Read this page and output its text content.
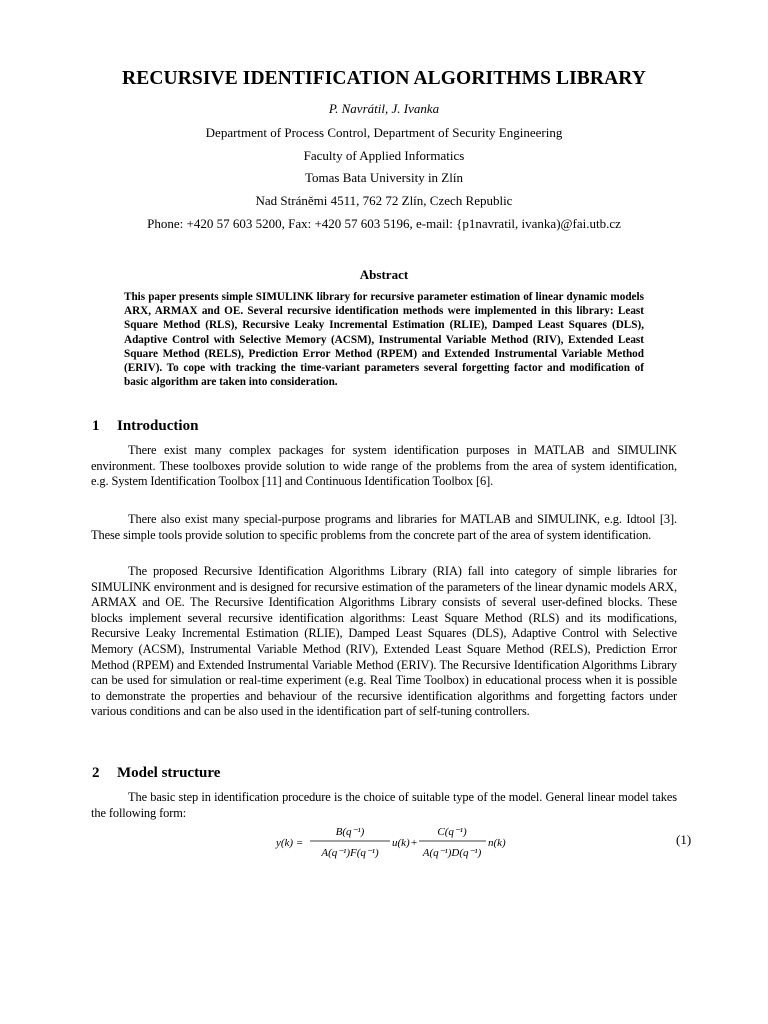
RECURSIVE IDENTIFICATION ALGORITHMS LIBRARY
P. Navrátil, J. Ivanka
Department of Process Control, Department of Security Engineering
Faculty of Applied Informatics
Tomas Bata University in Zlín
Nad Stráněmi 4511, 762 72 Zlín, Czech Republic
Phone: +420 57 603 5200, Fax: +420 57 603 5196, e-mail: {p1navratil, ivanka)@fai.utb.cz
Abstract

This paper presents simple SIMULINK library for recursive parameter estimation of linear dynamic models ARX, ARMAX and OE. Several recursive identification methods were implemented in this library: Least Square Method (RLS), Recursive Leaky Incremental Estimation (RLIE), Damped Least Squares (DLS), Adaptive Control with Selective Memory (ACSM), Instrumental Variable Method (RIV), Extended Least Square Method (RELS), Prediction Error Method (RPEM) and Extended Instrumental Variable Method (ERIV). To cope with tracking the time-variant parameters several forgetting factor and modification of basic algorithm are taken into consideration.

1 Introduction

There exist many complex packages for system identification purposes in MATLAB and SIMULINK environment. These toolboxes provide solution to wide range of the problems from the area of system identification, e.g. System Identification Toolbox [11] and Continuous Identification Toolbox [6].

There also exist many special-purpose programs and libraries for MATLAB and SIMULINK, e.g. Idtool [3]. These simple tools provide solution to specific problems from the concrete part of the area of system identification.

The proposed Recursive Identification Algorithms Library (RIA) fall into category of simple libraries for SIMULINK environment and is designed for recursive estimation of the parameters of the linear dynamic models ARX, ARMAX and OE. The Recursive Identification Algorithms Library consists of several user-defined blocks. These blocks implement several recursive identification algorithms: Least Square Method (RLS) and its modifications, Recursive Leaky Incremental Estimation (RLIE), Damped Least Squares (DLS), Adaptive Control with Selective Memory (ACSM), Instrumental Variable Method (RIV), Extended Least Square Method (RELS), Prediction Error Method (RPEM) and Extended Instrumental Variable Method (ERIV). The Recursive Identification Algorithms Library can be used for simulation or real-time experiment (e.g. Real Time Toolbox) in educational process when it is possible to demonstrate the properties and behaviour of the recursive identification algorithms and forgetting factors under various conditions and can be also used in the identification part of self-tuning controllers.

2 Model structure

The basic step in identification procedure is the choice of suitable type of the model. General linear model takes the following form:

y(k) =
B(q⁻¹)
A(q⁻¹)F(q⁻¹)
u(k) +
C(q⁻¹)
A(q⁻¹)D(q⁻¹)
n(k)	(1)
